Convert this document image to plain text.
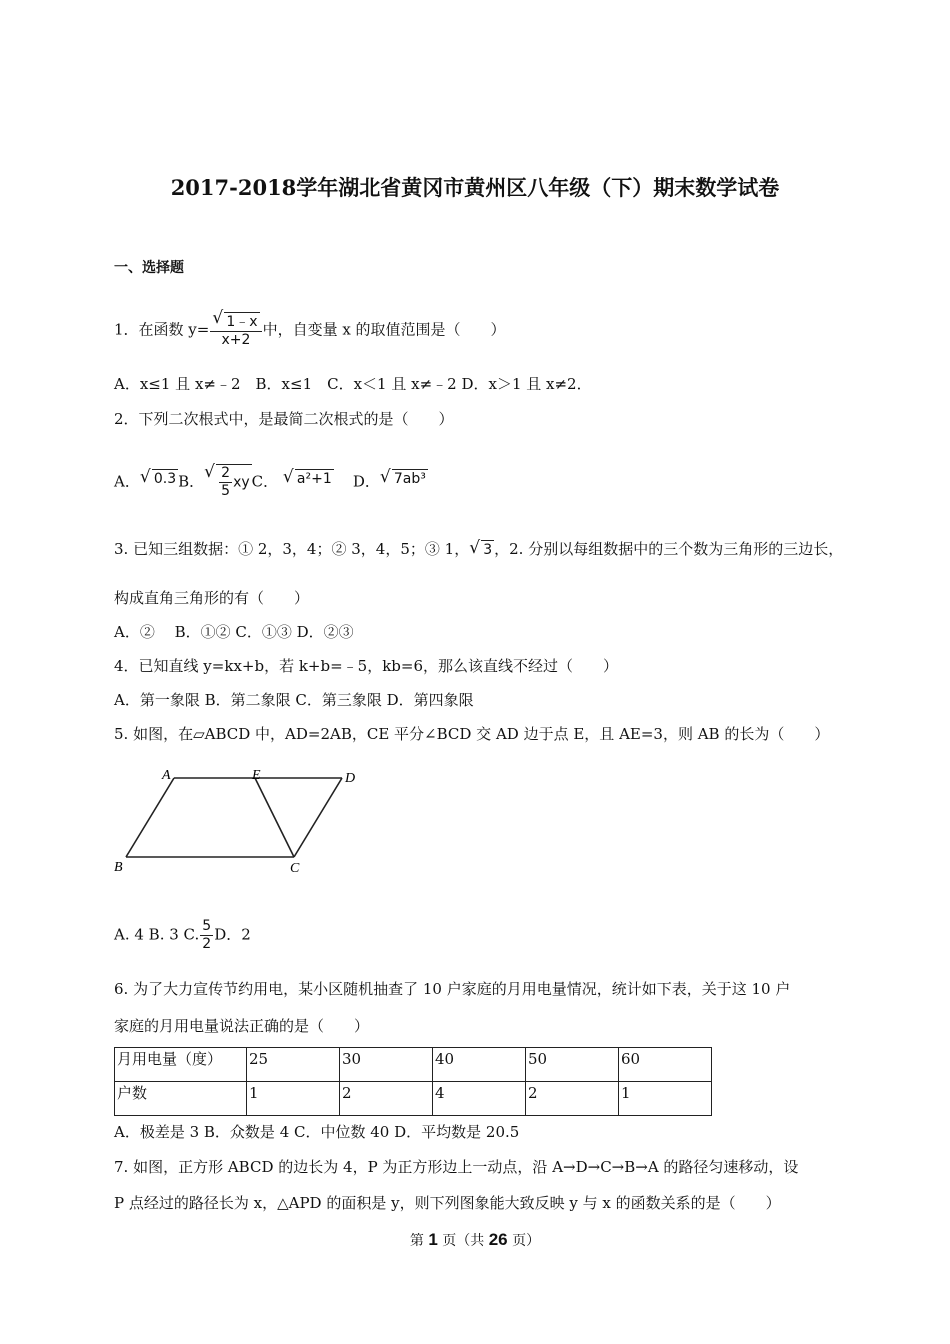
2017-2018学年湖北省黄冈市黄州区八年级（下）期末数学试卷
一、选择题
1．在函数 y= √ $\frac{1﹣x}{x+2}$ 中，自变量 x 的取值范围是（　　）
A．x≤1 且 x≠﹣2　B．x≤1　C．x＜1 且 x≠﹣2 D．x＞1 且 x≠2．
2．下列二次根式中，是最简二次根式的是（　　）
A． √ 0.3 B． √ $\frac{2}{5}$ xy C． √ a²+1 D． √ 7ab³
3. 已知三组数据：① 2，3，4；② 3，4，5；③ 1， √ 3 ，2. 分别以每组数据中的三个数为三角形的三边长，
构成直角三角形的有（　　）
A．②　 B．①② C．①③ D．②③
4．已知直线 y=kx+b，若 k+b=﹣5，kb=6，那么该直线不经过（　　）
A．第一象限 B．第二象限 C．第三象限 D．第四象限
5. 如图，在▱ABCD 中，AD=2AB，CE 平分∠BCD 交 AD 边于点 E，且 AE=3，则 AB 的长为（　　）
A	E	D
B	C
A. 4 B. 3 C. $\frac{5}{2}$ D．2
6. 为了大力宣传节约用电，某小区随机抽查了 10 户家庭的月用电量情况，统计如下表，关于这 10 户
家庭的月用电量说法正确的是（　　）
月用电量（度）	25	30	40	50	60
户数	1	2	4	2	1
A．极差是 3 B．众数是 4 C．中位数 40 D．平均数是 20.5
7. 如图，正方形 ABCD 的边长为 4，P 为正方形边上一动点，沿 A→D→C→B→A 的路径匀速移动，设
P 点经过的路径长为 x，△APD 的面积是 y，则下列图象能大致反映 y 与 x 的函数关系的是（　　）
第 1 页（共 26 页）
